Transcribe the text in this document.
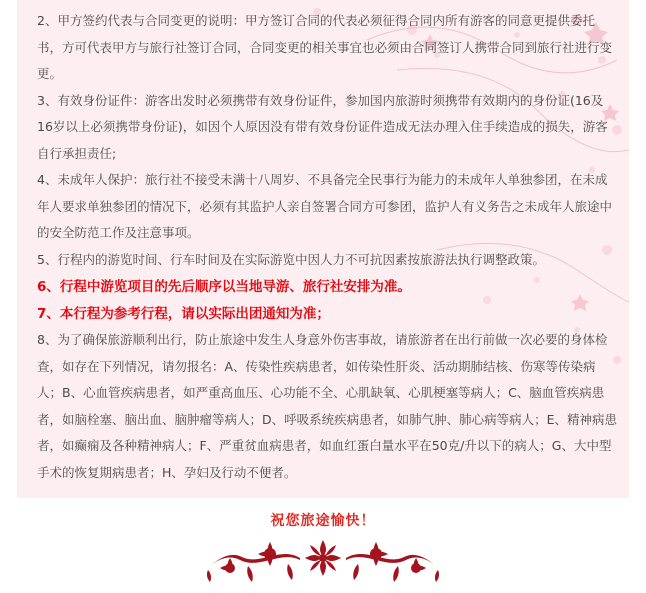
2、甲方签约代表与合同变更的说明：甲方签订合同的代表必须征得合同内所有游客的同意更提供委托书，方可代表甲方与旅行社签订合同，合同变更的相关事宜也必须由合同签订人携带合同到旅行社进行变更。

3、有效身份证件：游客出发时必须携带有效身份证件，参加国内旅游时须携带有效期内的身份证(16及16岁以上必须携带身份证)，如因个人原因没有带有效身份证件造成无法办理入住手续造成的损失，游客自行承担责任;

4、未成年人保护：旅行社不接受未满十八周岁、不具备完全民事行为能力的未成年人单独参团，在未成年人要求单独参团的情况下，必须有其监护人亲自签署合同方可参团，监护人有义务告之未成年人旅途中的安全防范工作及注意事项。

5、行程内的游览时间、行车时间及在实际游览中因人力不可抗因素按旅游法执行调整政策。

6、行程中游览项目的先后顺序以当地导游、旅行社安排为准。

7、本行程为参考行程，请以实际出团通知为准；

8、为了确保旅游顺利出行，防止旅途中发生人身意外伤害事故，请旅游者在出行前做一次必要的身体检查，如存在下列情况，请勿报名：A、传染性疾病患者，如传染性肝炎、活动期肺结核、伤寒等传染病人；B、心血管疾病患者，如严重高血压、心功能不全、心肌缺氧、心肌梗塞等病人；C、脑血管疾病患者，如脑栓塞、脑出血、脑肿瘤等病人；D、呼吸系统疾病患者，如肺气肿、肺心病等病人；E、精神病患者，如癫痫及各种精神病人；F、严重贫血病患者，如血红蛋白量水平在50克/升以下的病人；G、大中型手术的恢复期病患者；H、孕妇及行动不便者。

祝您旅途愉快！
